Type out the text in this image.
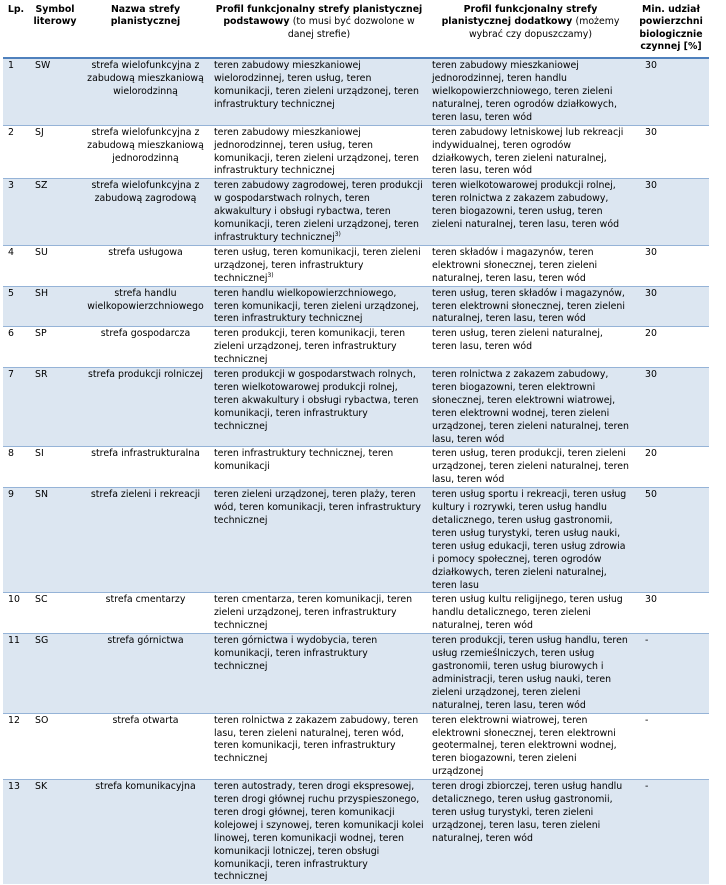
Lp.	Symbol literowy	Nazwa strefy planistycznej	Profil funkcjonalny strefy planistycznej podstawowy (to musi być dozwolone w danej strefie)	Profil funkcjonalny strefy planistycznej dodatkowy (możemy wybrać czy dopuszczamy)	Min. udział powierzchni biologicznie czynnej [%]
1	SW	strefa wielofunkcyjna z zabudową mieszkaniową wielorodzinną	teren zabudowy mieszkaniowej wielorodzinnej, teren usług, teren komunikacji, teren zieleni urządzonej, teren infrastruktury technicznej	teren zabudowy mieszkaniowej jednorodzinnej, teren handlu wielkopowierzchniowego, teren zieleni naturalnej, teren ogrodów działkowych, teren lasu, teren wód	30
2	SJ	strefa wielofunkcyjna z zabudową mieszkaniową jednorodzinną	teren zabudowy mieszkaniowej jednorodzinnej, teren usług, teren komunikacji, teren zieleni urządzonej, teren infrastruktury technicznej	teren zabudowy letniskowej lub rekreacji indywidualnej, teren ogrodów działkowych, teren zieleni naturalnej, teren lasu, teren wód	30
3	SZ	strefa wielofunkcyjna z zabudową zagrodową	teren zabudowy zagrodowej, teren produkcji w gospodarstwach rolnych, teren akwakultury i obsługi rybactwa, teren komunikacji, teren zieleni urządzonej, teren infrastruktury technicznej$^{3)}$	teren wielkotowarowej produkcji rolnej, teren rolnictwa z zakazem zabudowy, teren biogazowni, teren usług, teren zieleni naturalnej, teren lasu, teren wód	30
4	SU	strefa usługowa	teren usług, teren komunikacji, teren zieleni urządzonej, teren infrastruktury technicznej$^{3)}$	teren składów i magazynów, teren elektrowni słonecznej, teren zieleni naturalnej, teren lasu, teren wód	30
5	SH	strefa handlu wielkopowierzchniowego	teren handlu wielkopowierzchniowego, teren komunikacji, teren zieleni urządzonej, teren infrastruktury technicznej	teren usług, teren składów i magazynów, teren elektrowni słonecznej, teren zieleni naturalnej, teren lasu, teren wód	30
6	SP	strefa gospodarcza	teren produkcji, teren komunikacji, teren zieleni urządzonej, teren infrastruktury technicznej	teren usług, teren zieleni naturalnej, teren lasu, teren wód	20
7	SR	strefa produkcji rolniczej	teren produkcji w gospodarstwach rolnych, teren wielkotowarowej produkcji rolnej, teren akwakultury i obsługi rybactwa, teren komunikacji, teren infrastruktury technicznej	teren rolnictwa z zakazem zabudowy, teren biogazowni, teren elektrowni słonecznej, teren elektrowni wiatrowej, teren elektrowni wodnej, teren zieleni urządzonej, teren zieleni naturalnej, teren lasu, teren wód	30
8	SI	strefa infrastrukturalna	teren infrastruktury technicznej, teren komunikacji	teren usług, teren produkcji, teren zieleni urządzonej, teren zieleni naturalnej, teren lasu, teren wód	20
9	SN	strefa zieleni i rekreacji	teren zieleni urządzonej, teren plaży, teren wód, teren komunikacji, teren infrastruktury technicznej	teren usług sportu i rekreacji, teren usług kultury i rozrywki, teren usług handlu detalicznego, teren usług gastronomii, teren usług turystyki, teren usług nauki, teren usług edukacji, teren usług zdrowia i pomocy społecznej, teren ogrodów działkowych, teren zieleni naturalnej, teren lasu	50
10	SC	strefa cmentarzy	teren cmentarza, teren komunikacji, teren zieleni urządzonej, teren infrastruktury technicznej	teren usług kultu religijnego, teren usług handlu detalicznego, teren zieleni naturalnej, teren wód	30
11	SG	strefa górnictwa	teren górnictwa i wydobycia, teren komunikacji, teren infrastruktury technicznej	teren produkcji, teren usług handlu, teren usług rzemieślniczych, teren usług gastronomii, teren usług biurowych i administracji, teren usług nauki, teren zieleni urządzonej, teren zieleni naturalnej, teren lasu, teren wód	-
12	SO	strefa otwarta	teren rolnictwa z zakazem zabudowy, teren lasu, teren zieleni naturalnej, teren wód, teren komunikacji, teren infrastruktury technicznej	teren elektrowni wiatrowej, teren elektrowni słonecznej, teren elektrowni geotermalnej, teren elektrowni wodnej, teren biogazowni, teren zieleni urządzonej	-
13	SK	strefa komunikacyjna	teren autostrady, teren drogi ekspresowej, teren drogi głównej ruchu przyspieszonego, teren drogi głównej, teren komunikacji kolejowej i szynowej, teren komunikacji kolei linowej, teren komunikacji wodnej, teren komunikacji lotniczej, teren obsługi komunikacji, teren infrastruktury technicznej	teren drogi zbiorczej, teren usług handlu detalicznego, teren usług gastronomii, teren usług turystyki, teren zieleni urządzonej, teren lasu, teren zieleni naturalnej, teren wód	-
